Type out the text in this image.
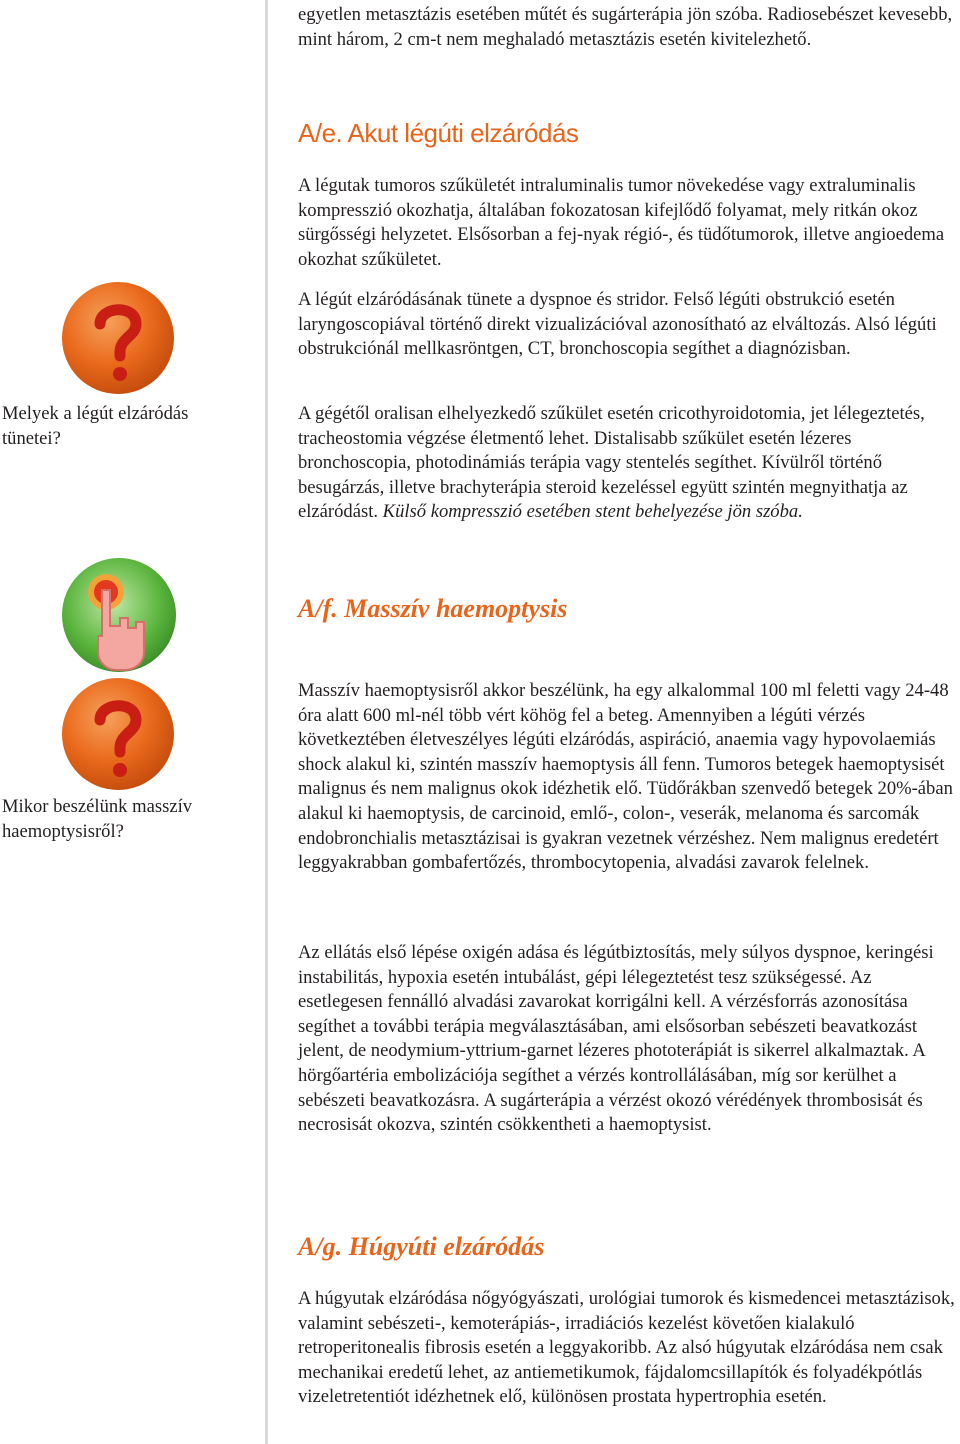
Melyek a légút elzáródás tünetei?

Mikor beszélünk masszív haemoptysisről?

egyetlen metasztázis esetében műtét és sugárterápia jön szóba. Radiosebészet kevesebb, mint három, 2 cm-t nem meghaladó metasztázis esetén kivitelezhető.

A/e. Akut légúti elzáródás

A légutak tumoros szűkületét intraluminalis tumor növekedése vagy extraluminalis kompresszió okozhatja, általában fokozatosan kifejlődő folyamat, mely ritkán okoz sürgősségi helyzetet. Elsősorban a fej-nyak régió-, és tüdőtumorok, illetve angioedema okozhat szűkületet.

A légút elzáródásának tünete a dyspnoe és stridor. Felső légúti obstrukció esetén laryngoscopiával történő direkt vizualizációval azonosítható az elváltozás. Alsó légúti obstrukciónál mellkasröntgen, CT, bronchoscopia segíthet a diagnózisban.

A gégétől oralisan elhelyezkedő szűkület esetén cricothyroidotomia, jet lélegeztetés, tracheostomia végzése életmentő lehet. Distalisabb szűkület esetén lézeres bronchoscopia, photodinámiás terápia vagy stentelés segíthet. Kívülről történő besugárzás, illetve brachyterápia steroid kezeléssel együtt szintén megnyithatja az elzáródást. Külső kompresszió esetében stent behelyezése jön szóba.

A/f. Masszív haemoptysis

Masszív haemoptysisről akkor beszélünk, ha egy alkalommal 100 ml feletti vagy 24-48 óra alatt 600 ml-nél több vért köhög fel a beteg. Amennyiben a légúti vérzés következtében életveszélyes légúti elzáródás, aspiráció, anaemia vagy hypovolaemiás shock alakul ki, szintén masszív haemoptysis áll fenn. Tumoros betegek haemoptysisét malignus és nem malignus okok idézhetik elő. Tüdőrákban szenvedő betegek 20%-ában alakul ki haemoptysis, de carcinoid, emlő-, colon-, veserák, melanoma és sarcomák endobronchialis metasztázisai is gyakran vezetnek vérzéshez. Nem malignus eredetért leggyakrabban gombafertőzés, thrombocytopenia, alvadási zavarok felelnek.

Az ellátás első lépése oxigén adása és légútbiztosítás, mely súlyos dyspnoe, keringési instabilitás, hypoxia esetén intubálást, gépi lélegeztetést tesz szükségessé. Az esetlegesen fennálló alvadási zavarokat korrigálni kell. A vérzésforrás azonosítása segíthet a további terápia megválasztásában, ami elsősorban sebészeti beavatkozást jelent, de neodymium-yttrium-garnet lézeres phototerápiát is sikerrel alkalmaztak. A hörgőartéria embolizációja segíthet a vérzés kontrollálásában, míg sor kerülhet a sebészeti beavatkozásra. A sugárterápia a vérzést okozó vérédények thrombosisát és necrosisát okozva, szintén csökkentheti a haemoptysist.

A/g. Húgyúti elzáródás

A húgyutak elzáródása nőgyógyászati, urológiai tumorok és kismedencei metasztázisok, valamint sebészeti-, kemoterápiás-, irradiációs kezelést követően kialakuló retroperitonealis fibrosis esetén a leggyakoribb. Az alsó húgyutak elzáródása nem csak mechanikai eredetű lehet, az antiemetikumok, fájdalomcsillapítók és folyadékpótlás vizeletretentiót idézhetnek elő, különösen prostata hypertrophia esetén.
